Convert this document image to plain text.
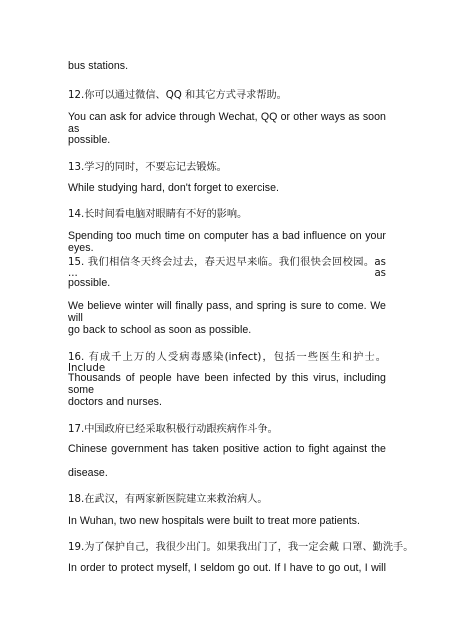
bus stations.

12.你可以通过微信、QQ 和其它方式寻求帮助。

You can ask for advice through Wechat, QQ or other ways as soon as

possible.

13.学习的同时，不要忘记去锻炼。

While studying hard, don't forget to exercise.

14.长时间看电脑对眼睛有不好的影响。

Spending too much time on computer has a bad influence on your eyes.

15. 我们相信冬天终会过去，春天迟早来临。我们很快会回校园。as ... as

possible.

We believe winter will finally pass, and spring is sure to come. We will

go back to school as soon as possible.

16. 有成千上万的人受病毒感染(infect)，包括一些医生和护士。Include

Thousands of people have been infected by this virus, including some

doctors and nurses.

17.中国政府已经采取积极行动跟疾病作斗争。

Chinese government has taken positive action to fight against the

disease.

18.在武汉，有两家新医院建立来救治病人。

In Wuhan, two new hospitals were built to treat more patients.

19.为了保护自己，我很少出门。如果我出门了，我一定会戴 口罩、勤洗手。

In order to protect myself, I seldom go out. If I have to go out, I will
